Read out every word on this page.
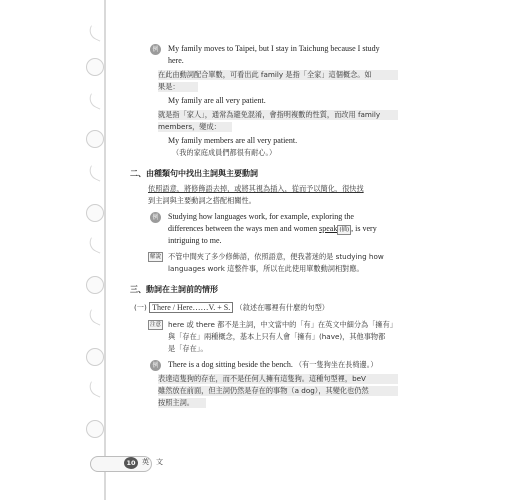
例	My family moves to Taipei, but I stay in Taichung because I study
here.
在此由動詞配合單數，可看出此 family 是指「全家」這個概念。如
果是：
My family are all very patient.
就是指「家人」，通常為避免混淆，會指明複數的性質，而改用 family
members，變成：
My family members are all very patient.
（我的家庭成員們都很有耐心。）
二、由種類句中找出主詞與主要動詞
依照語意，將修飾語去掉，或將其視為插入，從而予以簡化，很快找
到主詞與主要動詞之搭配相關性。
例	Studying how languages work, for example, exploring the
differences between the ways men and women speak (插) , is very
intriguing to me.
解說 不管中間夾了多少修飾語，依照語意，便我著迷的是 studying how
languages work 這整件事，所以在此使用單數動詞相對應。
三、動詞在主詞前的情形
(一) There / Here……V. + S. （敘述在哪裡有什麼的句型）
注意 here 或 there 都不是主詞，中文當中的「有」在英文中細分為「擁有」
與「存在」兩種概念，基本上只有人會「擁有」(have)，其他事物都
是「存在」。
例	There is a dog sitting beside the bench. （有一隻狗坐在長椅邊。）
表達這隻狗的存在，而不是任何人擁有這隻狗。這種句型裡，beV
雖然放在前面，但主詞仍然是存在的事物（a dog），其變化也仍然
按照主詞。
10 英　文
